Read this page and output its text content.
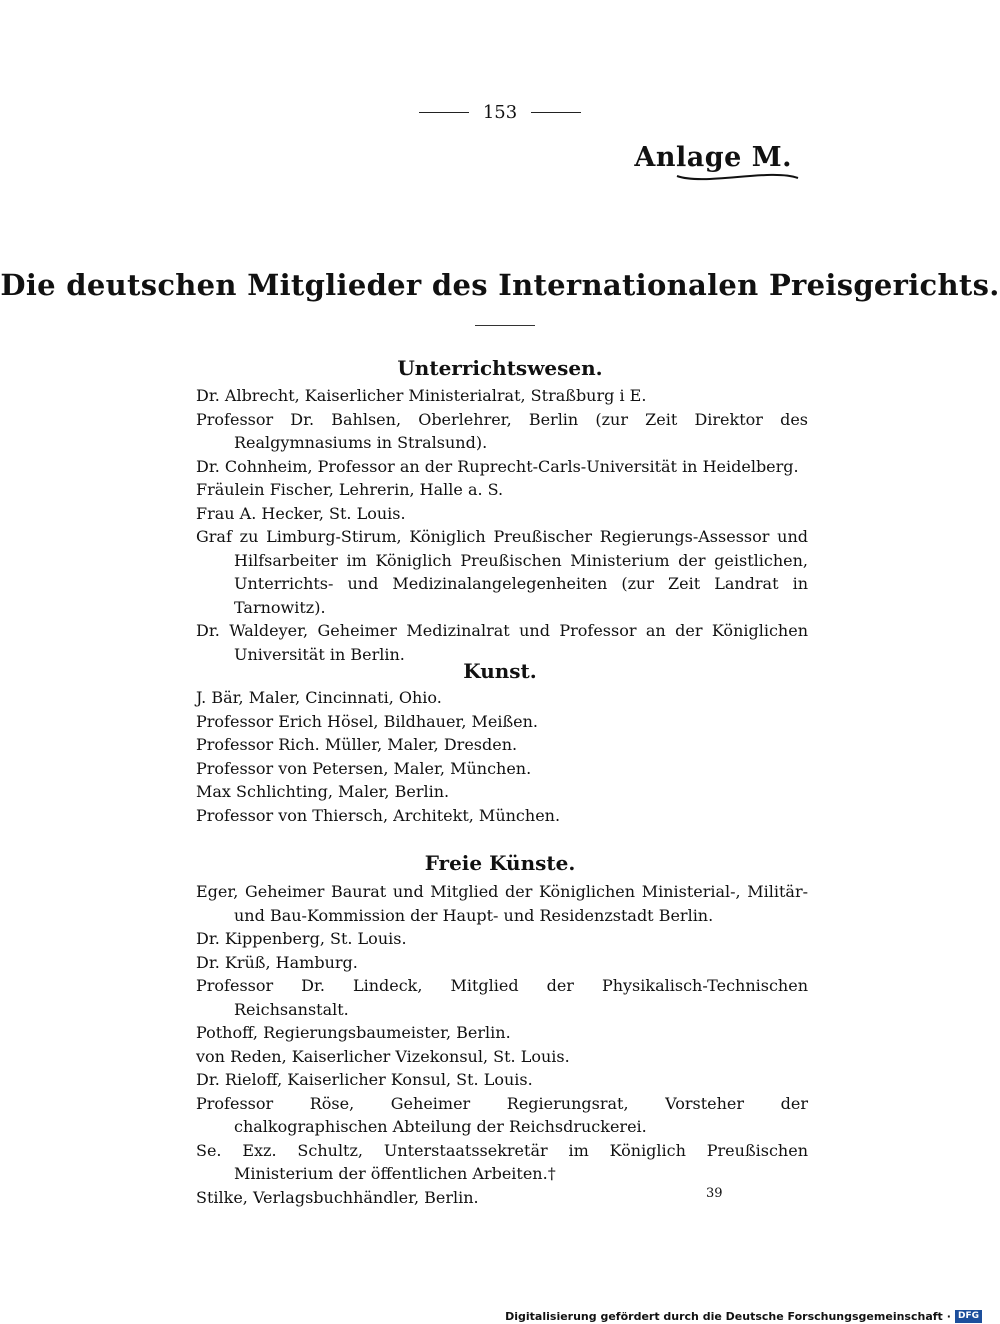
153
Anlage M.
Die deutschen Mitglieder des Internationalen Preisgerichts.
Unterrichtswesen.
Dr. Albrecht, Kaiserlicher Ministerialrat, Straßburg i E.
Professor Dr. Bahlsen, Oberlehrer, Berlin (zur Zeit Direktor des Realgymnasiums in Stralsund).
Dr. Cohnheim, Professor an der Ruprecht-Carls-Universität in Heidelberg.
Fräulein Fischer, Lehrerin, Halle a. S.
Frau A. Hecker, St. Louis.
Graf zu Limburg-Stirum, Königlich Preußischer Regierungs-Assessor und Hilfsarbeiter im Königlich Preußischen Ministerium der geistlichen, Unterrichts- und Medizinalangelegenheiten (zur Zeit Landrat in Tarnowitz).
Dr. Waldeyer, Geheimer Medizinalrat und Professor an der Königlichen Universität in Berlin.
Kunst.
J. Bär, Maler, Cincinnati, Ohio.
Professor Erich Hösel, Bildhauer, Meißen.
Professor Rich. Müller, Maler, Dresden.
Professor von Petersen, Maler, München.
Max Schlichting, Maler, Berlin.
Professor von Thiersch, Architekt, München.
Freie Künste.
Eger, Geheimer Baurat und Mitglied der Königlichen Ministerial-, Militär- und Bau-Kommission der Haupt- und Residenzstadt Berlin.
Dr. Kippenberg, St. Louis.
Dr. Krüß, Hamburg.
Professor Dr. Lindeck, Mitglied der Physikalisch-Technischen Reichsanstalt.
Pothoff, Regierungsbaumeister, Berlin.
von Reden, Kaiserlicher Vizekonsul, St. Louis.
Dr. Rieloff, Kaiserlicher Konsul, St. Louis.
Professor Röse, Geheimer Regierungsrat, Vorsteher der chalkographischen Abteilung der Reichsdruckerei.
Se. Exz. Schultz, Unterstaatssekretär im Königlich Preußischen Ministerium der öffentlichen Arbeiten.†
Stilke, Verlagsbuchhändler, Berlin.	39
Digitalisierung gefördert durch die Deutsche Forschungsgemeinschaft · DFG
